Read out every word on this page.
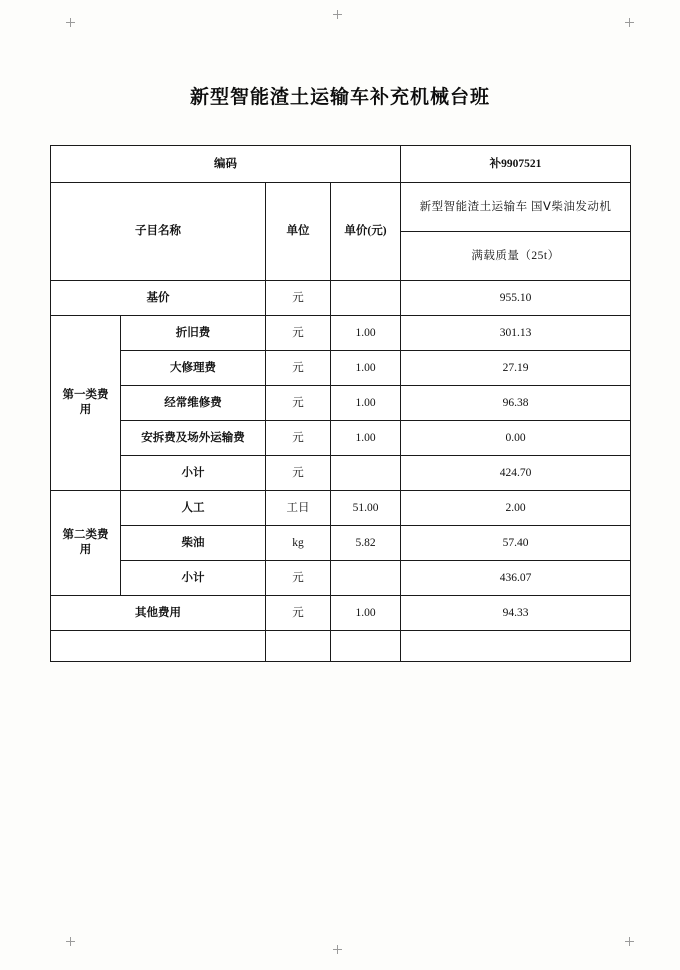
新型智能渣土运输车补充机械台班
编码				补9907521
子目名称		单位	单价(元)	新型智能渣土运输车 国Ⅴ柴油发动机
				满载质量（25t）
基价		元		955.10
第一类费用	折旧费	元	1.00	301.13
	大修理费	元	1.00	27.19
	经常维修费	元	1.00	96.38
	安拆费及场外运输费	元	1.00	0.00
	小计	元		424.70
第二类费用	人工	工日	51.00	2.00
	柴油	kg	5.82	57.40
	小计	元		436.07
其他费用		元	1.00	94.33
